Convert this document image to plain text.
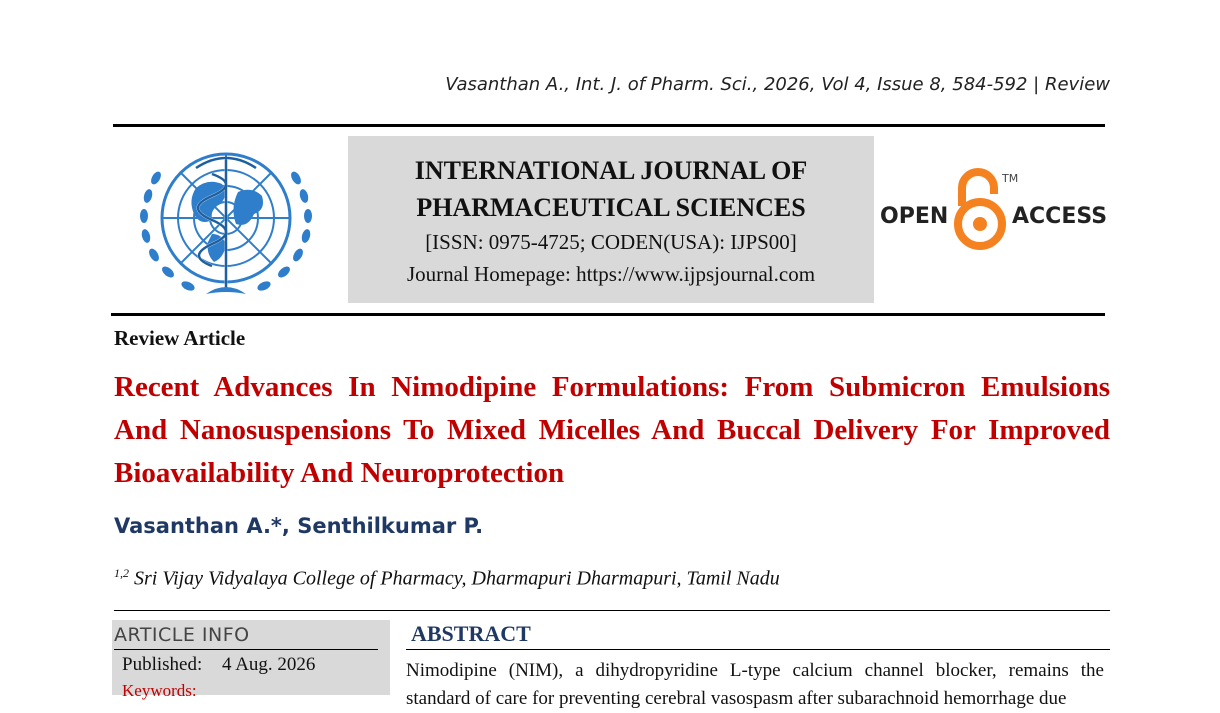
Vasanthan A., Int. J. of Pharm. Sci., 2026, Vol 4, Issue 8, 584-592 | Review
INTERNATIONAL JOURNAL OF
PHARMACEUTICAL SCIENCES
[ISSN: 0975-4725; CODEN(USA): IJPS00]
Journal Homepage: https://www.ijpsjournal.com
OPEN	ACCESS
TM
Review Article
Recent Advances In Nimodipine Formulations: From Submicron Emulsions And Nanosuspensions To Mixed Micelles And Buccal Delivery For Improved Bioavailability And Neuroprotection
Vasanthan A.*, Senthilkumar P.
$^{1,2}$ Sri Vijay Vidyalaya College of Pharmacy, Dharmapuri Dharmapuri, Tamil Nadu
ARTICLE INFO
Published: 4 Aug. 2026
Keywords:
ABSTRACT
Nimodipine (NIM), a dihydropyridine L-type calcium channel blocker, remains the standard of care for preventing cerebral vasospasm after subarachnoid hemorrhage due
